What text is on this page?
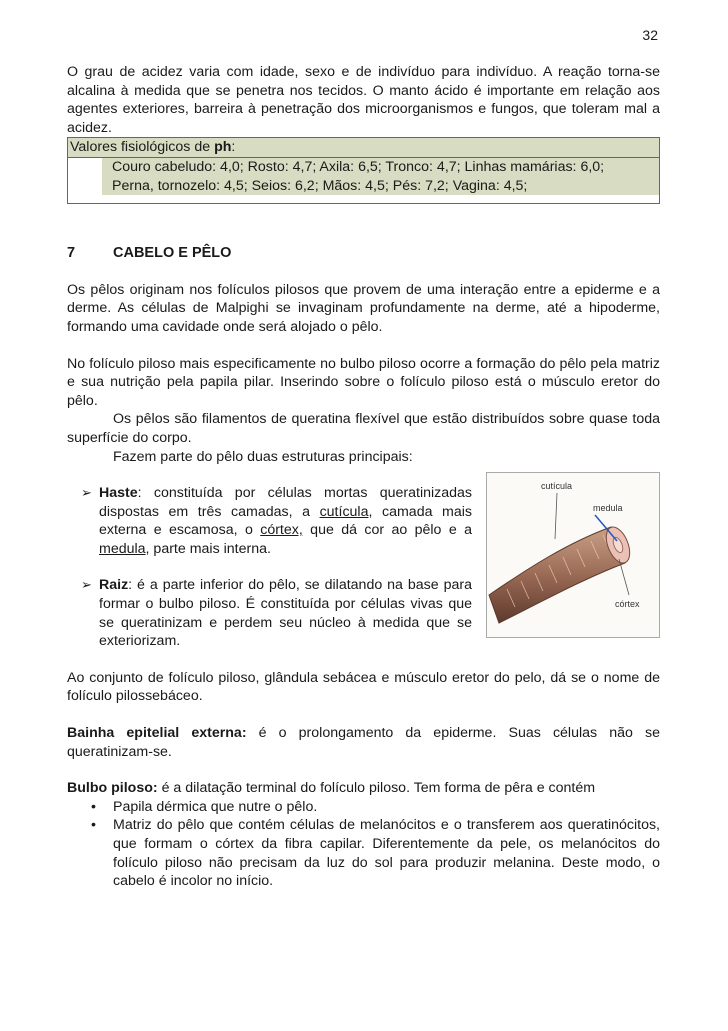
32

O grau de acidez varia com idade, sexo e de indivíduo para indivíduo. A reação torna-se alcalina à medida que se penetra nos tecidos. O manto ácido é importante em relação aos agentes exteriores, barreira à penetração dos microorganismos e fungos, que toleram mal a acidez.

Valores fisiológicos de ph:
Couro cabeludo: 4,0; Rosto: 4,7; Axila: 6,5; Tronco: 4,7; Linhas mamárias: 6,0;
Perna, tornozelo: 4,5; Seios: 6,2; Mãos: 4,5; Pés: 7,2; Vagina: 4,5;
7	CABELO E PÊLO

Os pêlos originam nos folículos pilosos que provem de uma interação entre a epiderme e a derme. As células de Malpighi se invaginam profundamente na derme, até a hipoderme, formando uma cavidade onde será alojado o pêlo.

No folículo piloso mais especificamente no bulbo piloso ocorre a formação do pêlo pela matriz e sua nutrição pela papila pilar. Inserindo sobre o folículo piloso está o músculo eretor do pêlo.

Os pêlos são filamentos de queratina flexível que estão distribuídos sobre quase toda superfície do corpo.

Fazem parte do pêlo duas estruturas principais:

cutícula
medula
córtex
➢ Haste: constituída por células mortas queratinizadas dispostas em três camadas, a cutícula, camada mais externa e escamosa, o córtex, que dá cor ao pêlo e a medula, parte mais interna.
➢ Raiz: é a parte inferior do pêlo, se dilatando na base para formar o bulbo piloso. É constituída por células vivas que se queratinizam e perdem seu núcleo à medida que se exteriorizam.

Ao conjunto de folículo piloso, glândula sebácea e músculo eretor do pelo, dá se o nome de folículo pilossebáceo.

Bainha epitelial externa: é o prolongamento da epiderme. Suas células não se queratinizam-se.

Bulbo piloso: é a dilatação terminal do folículo piloso. Tem forma de pêra e contém

• Papila dérmica que nutre o pêlo.
• Matriz do pêlo que contém células de melanócitos e o transferem aos queratinócitos, que formam o córtex da fibra capilar. Diferentemente da pele, os melanócitos do folículo piloso não precisam da luz do sol para produzir melanina. Deste modo, o cabelo é incolor no início.
